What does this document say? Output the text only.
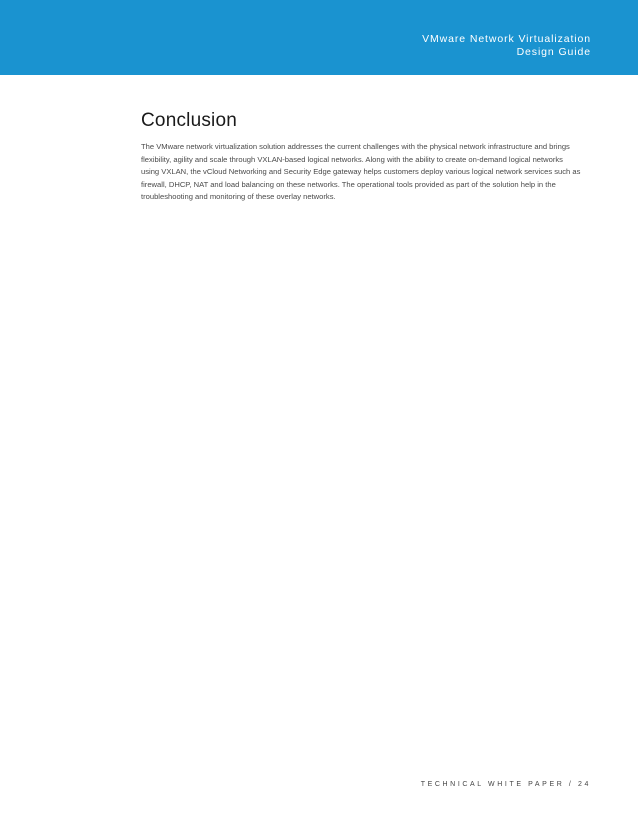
VMware Network Virtualization
Design Guide
Conclusion

The VMware network virtualization solution addresses the current challenges with the physical network infrastructure and brings flexibility, agility and scale through VXLAN-based logical networks. Along with the ability to create on-demand logical networks using VXLAN, the vCloud Networking and Security Edge gateway helps customers deploy various logical network services such as firewall, DHCP, NAT and load balancing on these networks. The operational tools provided as part of the solution help in the troubleshooting and monitoring of these overlay networks.

TECHNICAL WHITE PAPER / 24
